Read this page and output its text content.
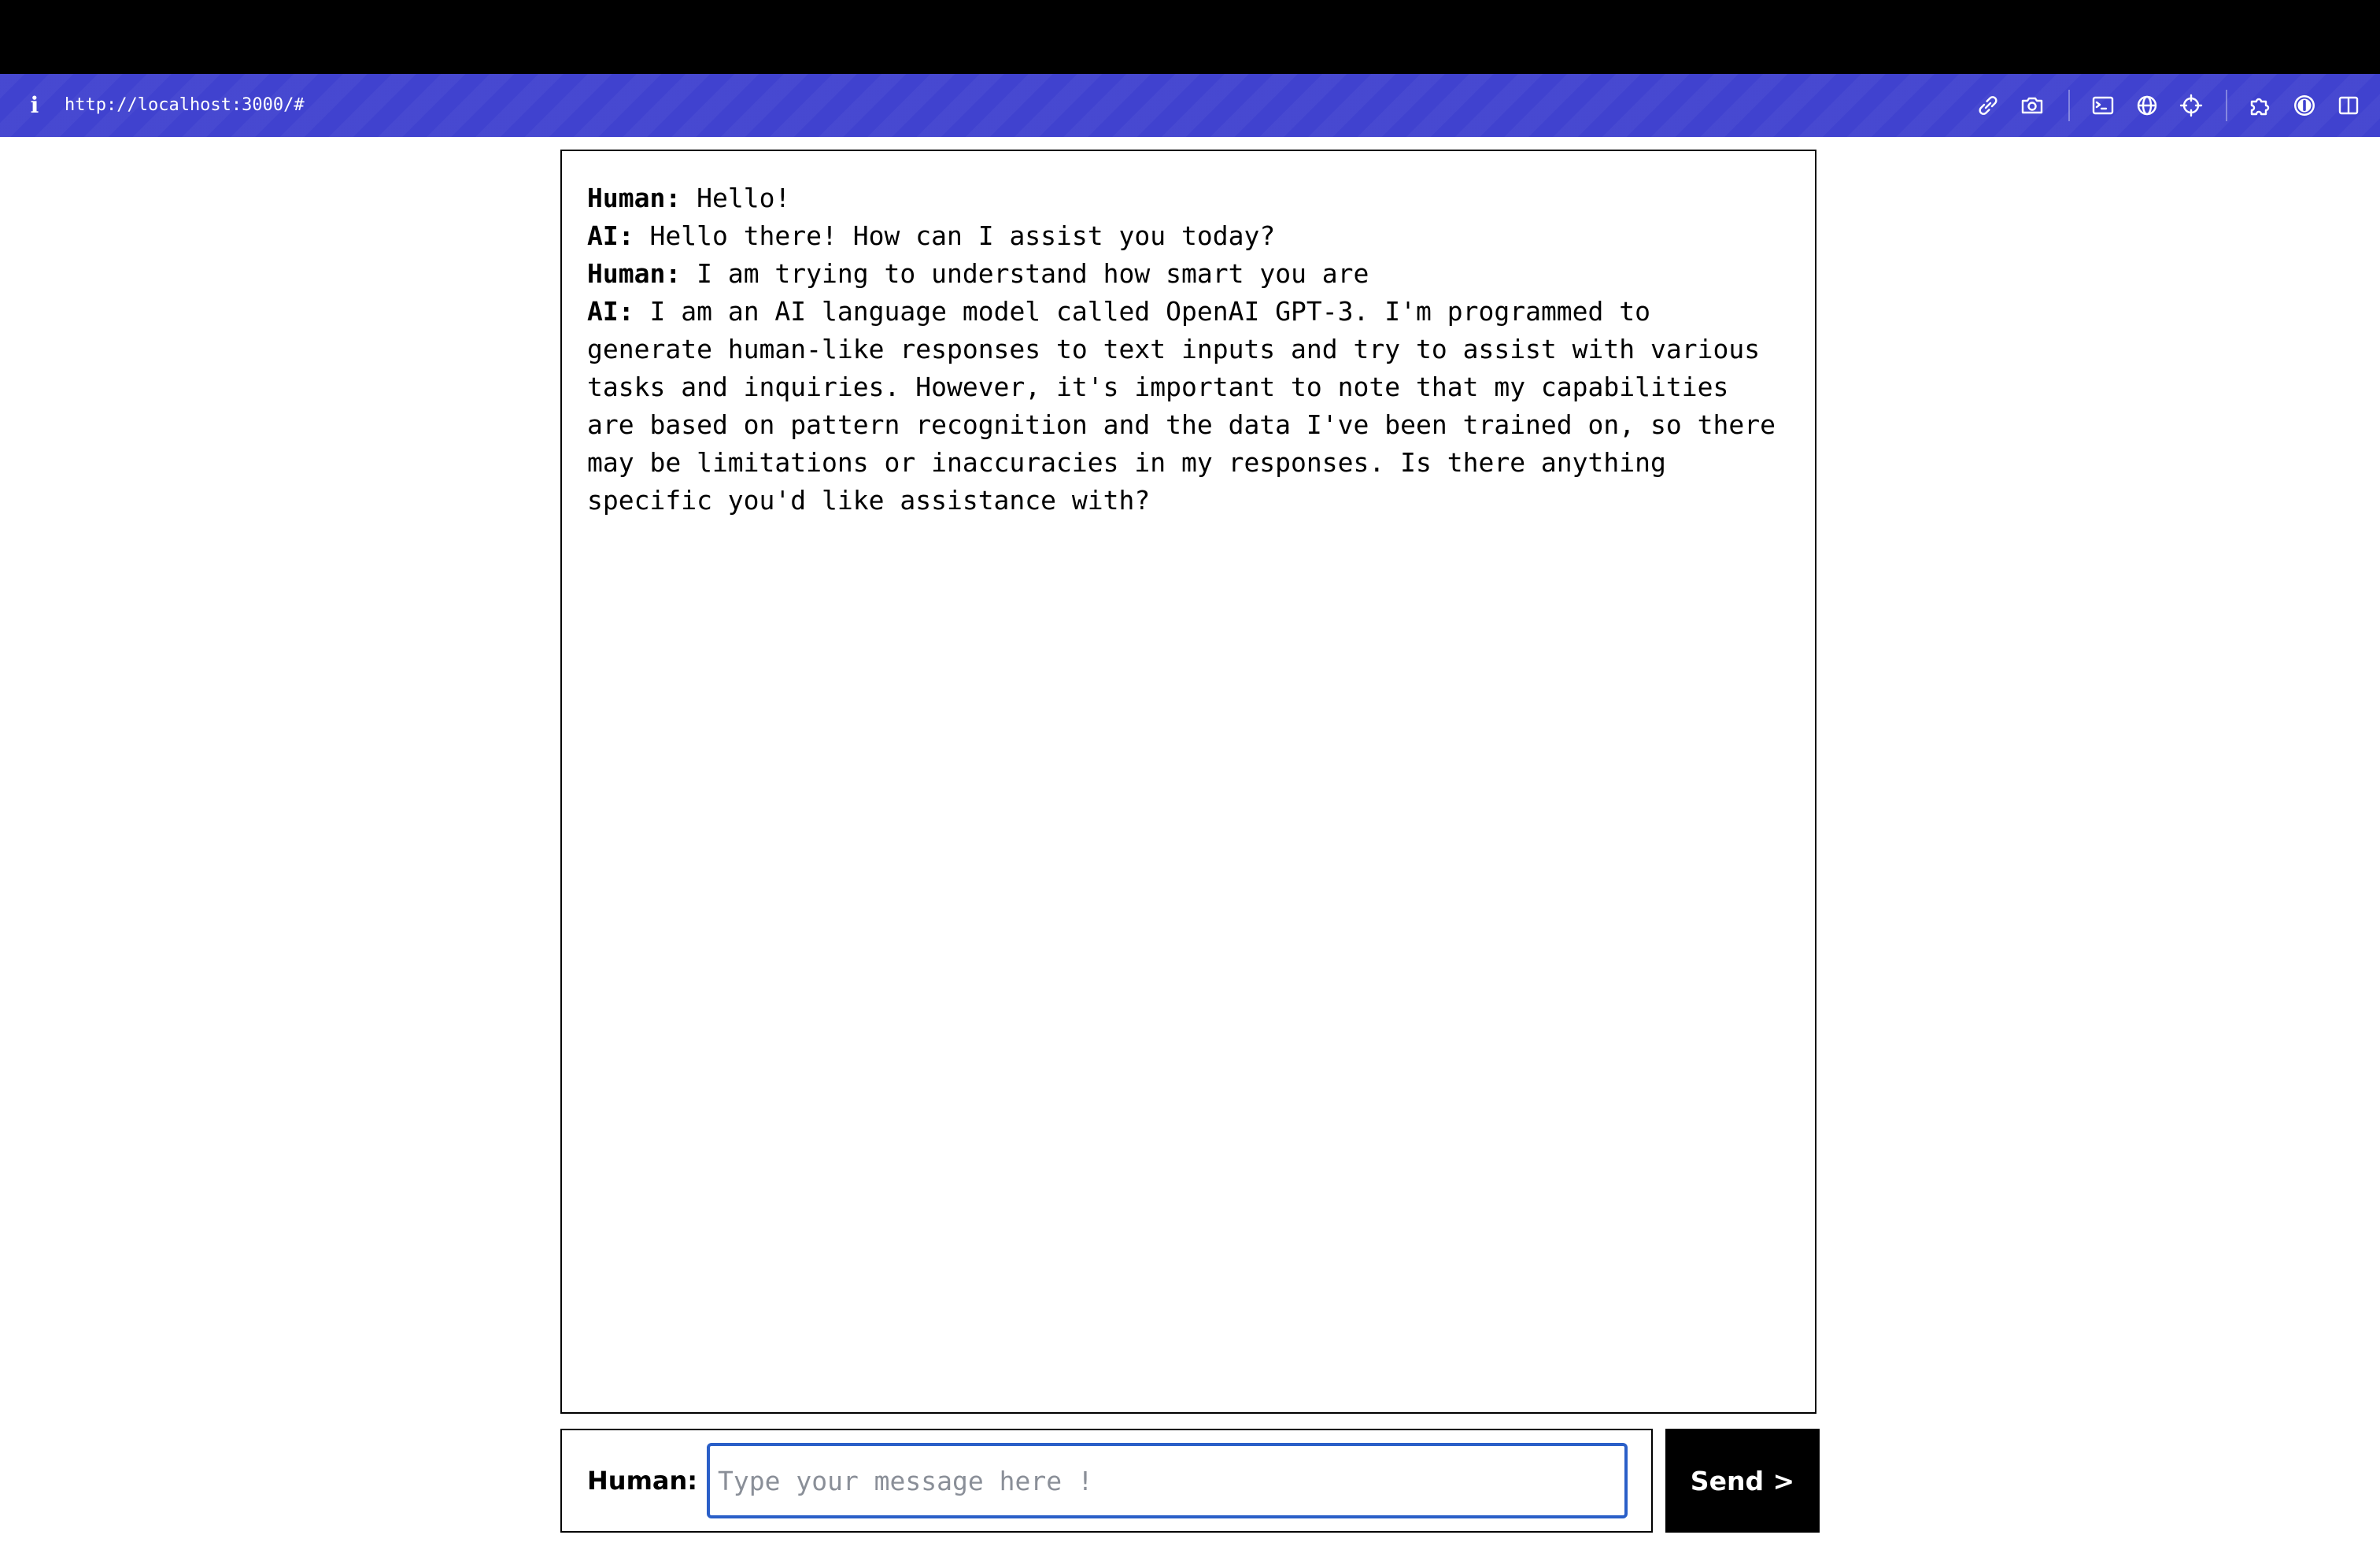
i	http://localhost:3000/#

Human: Hello!

AI: Hello there! How can I assist you today?

Human: I am trying to understand how smart you are

AI: I am an AI language model called OpenAI GPT-3. I'm programmed to generate human-like responses to text inputs and try to assist with various tasks and inquiries. However, it's important to note that my capabilities are based on pattern recognition and the data I've been trained on, so there may be limitations or inaccuracies in my responses. Is there anything specific you'd like assistance with?

Human:
Type your message here !	Send >
